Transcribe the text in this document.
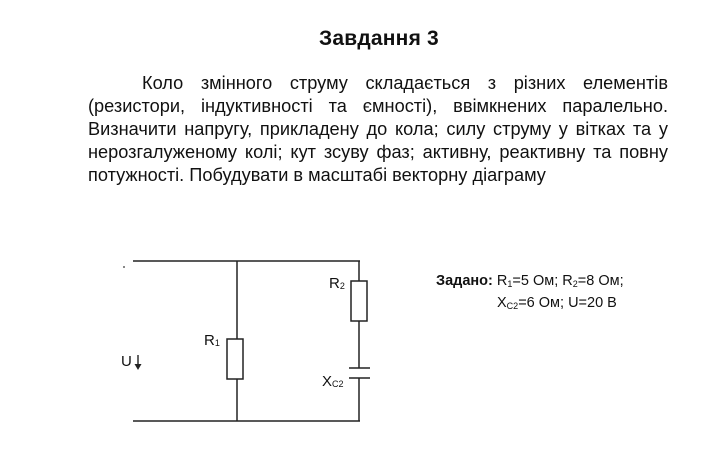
Завдання 3

Коло змінного струму складається з різних елементів (резистори, індуктивності та ємності), ввімкнених паралельно. Визначити напругу, прикладену до кола; силу струму у вітках та у нерозгалуженому колі; кут зсуву фаз; активну, реактивну та повну потужності. Побудувати в масштабі векторну діаграму

U
R1
R2
XC2
Задано: $R_1=5$ Ом; $R_2=8$ Ом;
$X_{C2}=6$ Ом; U=20 В
